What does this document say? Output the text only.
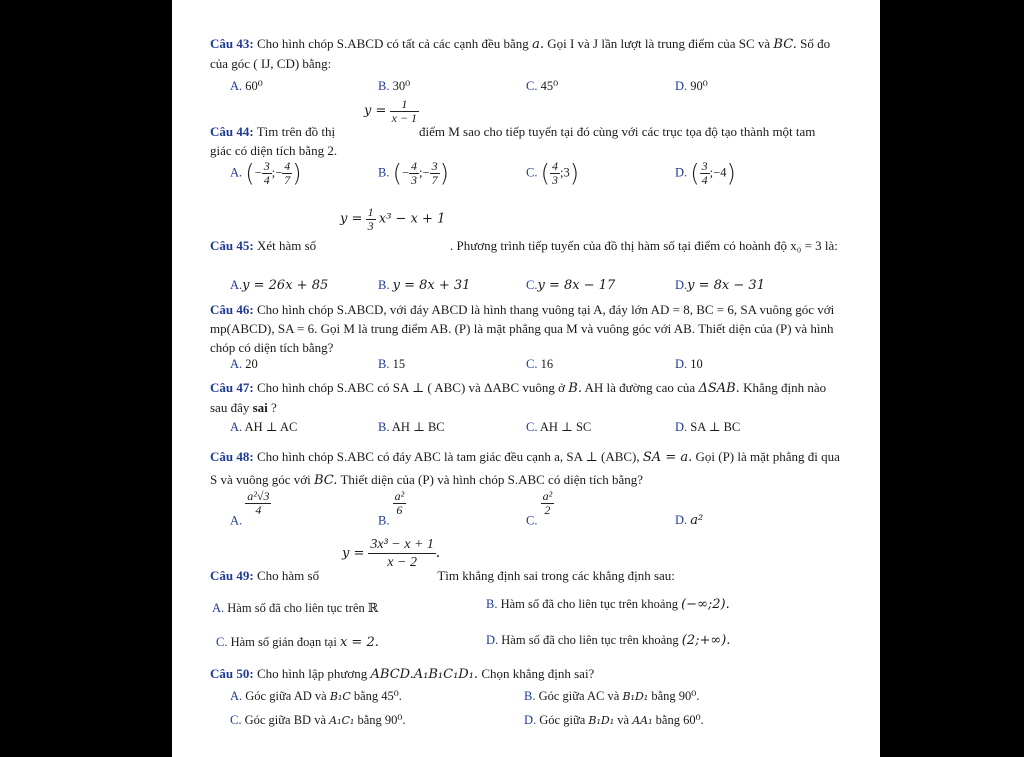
Câu 43: Cho hình chóp S.ABCD có tất cả các cạnh đều bằng a. Gọi I và J lần lượt là trung điểm của SC và BC. Số đo của góc ( IJ, CD) bằng:
A. 60⁰	B. 30⁰	C. 45⁰	D. 90⁰
Câu 44: Tìm trên đồ thị
$y = \frac{1}{x - 1}$
điểm M sao cho tiếp tuyến tại đó cùng với các trục tọa độ tạo thành một tam giác có diện tích bằng 2.
A. (− $\frac{3}{4}$ ;− $\frac{4}{7}$ )	B. (− $\frac{4}{3}$ ;− $\frac{3}{7}$ )	C. ( $\frac{4}{3}$ ;3)	D. ( $\frac{3}{4}$ ;−4)
Câu 45: Xét hàm số
$y = \frac{1}{3} x^3 - x + 1$
. Phương trình tiếp tuyến của đồ thị hàm số tại điểm có hoành độ x₀ = 3 là:
A.y = 26x + 85	B. y = 8x + 31	C.y = 8x − 17	D.y = 8x − 31
Câu 46: Cho hình chóp S.ABCD, với đáy ABCD là hình thang vuông tại A, đáy lớn AD = 8, BC = 6, SA vuông góc với mp(ABCD), SA = 6. Gọi M là trung điểm AB. (P) là mặt phẳng qua M và vuông góc với AB. Thiết diện của (P) và hình chóp có diện tích bằng?
A. 20	B. 15	C. 16	D. 10
Câu 47: Cho hình chóp S.ABC có SA ⊥ ( ABC) và ΔABC vuông ở B. AH là đường cao của ΔSAB. Khẳng định nào sau đây sai ?
A. AH ⊥ AC	B. AH ⊥ BC	C. AH ⊥ SC	D. SA ⊥ BC
Câu 48: Cho hình chóp S.ABC có đáy ABC là tam giác đều cạnh a, SA ⊥ (ABC), SA = a. Gọi (P) là mặt phẳng đi qua S và vuông góc với BC. Thiết diện của (P) và hình chóp S.ABC có diện tích bằng?
A.
$\frac{\text{a²√3}}{4}$
B.
$\frac{\text{a²}}{6}$
C.
$\frac{\text{a²}}{2}$
D. a²
$y = \frac{\text{3x³ − x + 1}}{x - 2}$ .
Câu 49: Cho hàm số	Tìm khẳng định sai trong các khẳng định sau:
A. Hàm số đã cho liên tục trên ℝ	B. Hàm số đã cho liên tục trên khoảng (−∞;2).
C. Hàm số gián đoạn tại x = 2.	D. Hàm số đã cho liên tục trên khoảng (2;+∞).
Câu 50: Cho hình lập phương ABCD.A₁B₁C₁D₁. Chọn khẳng định sai?
A. Góc giữa AD và B₁C bằng 45⁰.	B. Góc giữa AC và B₁D₁ bằng 90⁰.
C. Góc giữa BD và A₁C₁ bằng 90⁰.	D. Góc giữa B₁D₁ và AA₁ bằng 60⁰.
